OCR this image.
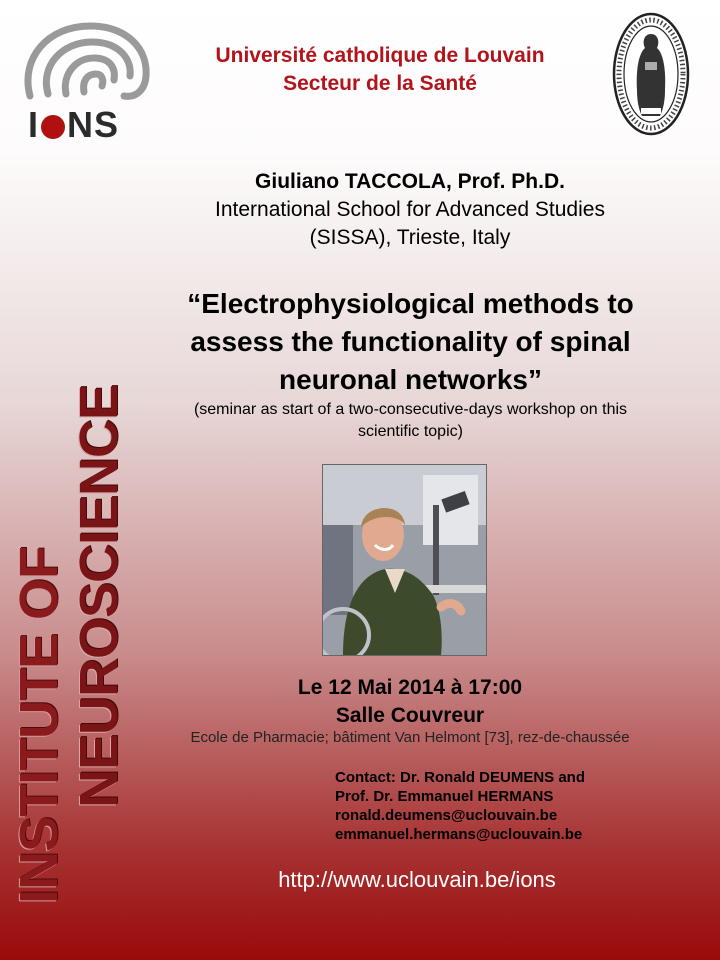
I NS
Université catholique de Louvain
Secteur de la Santé
Giuliano TACCOLA, Prof. Ph.D.
International School for Advanced Studies
(SISSA), Trieste, Italy
“Electrophysiological methods to
assess the functionality of spinal
neuronal networks”
(seminar as start of a two-consecutive-days workshop on this
scientific topic)
Le 12 Mai 2014 à 17:00
Salle Couvreur
Ecole de Pharmacie; bâtiment Van Helmont [73], rez-de-chaussée
Contact: Dr. Ronald DEUMENS and
Prof. Dr. Emmanuel HERMANS
ronald.deumens@uclouvain.be
emmanuel.hermans@uclouvain.be
http://www.uclouvain.be/ions
INSTITUTE OF NEUROSCIENCE
